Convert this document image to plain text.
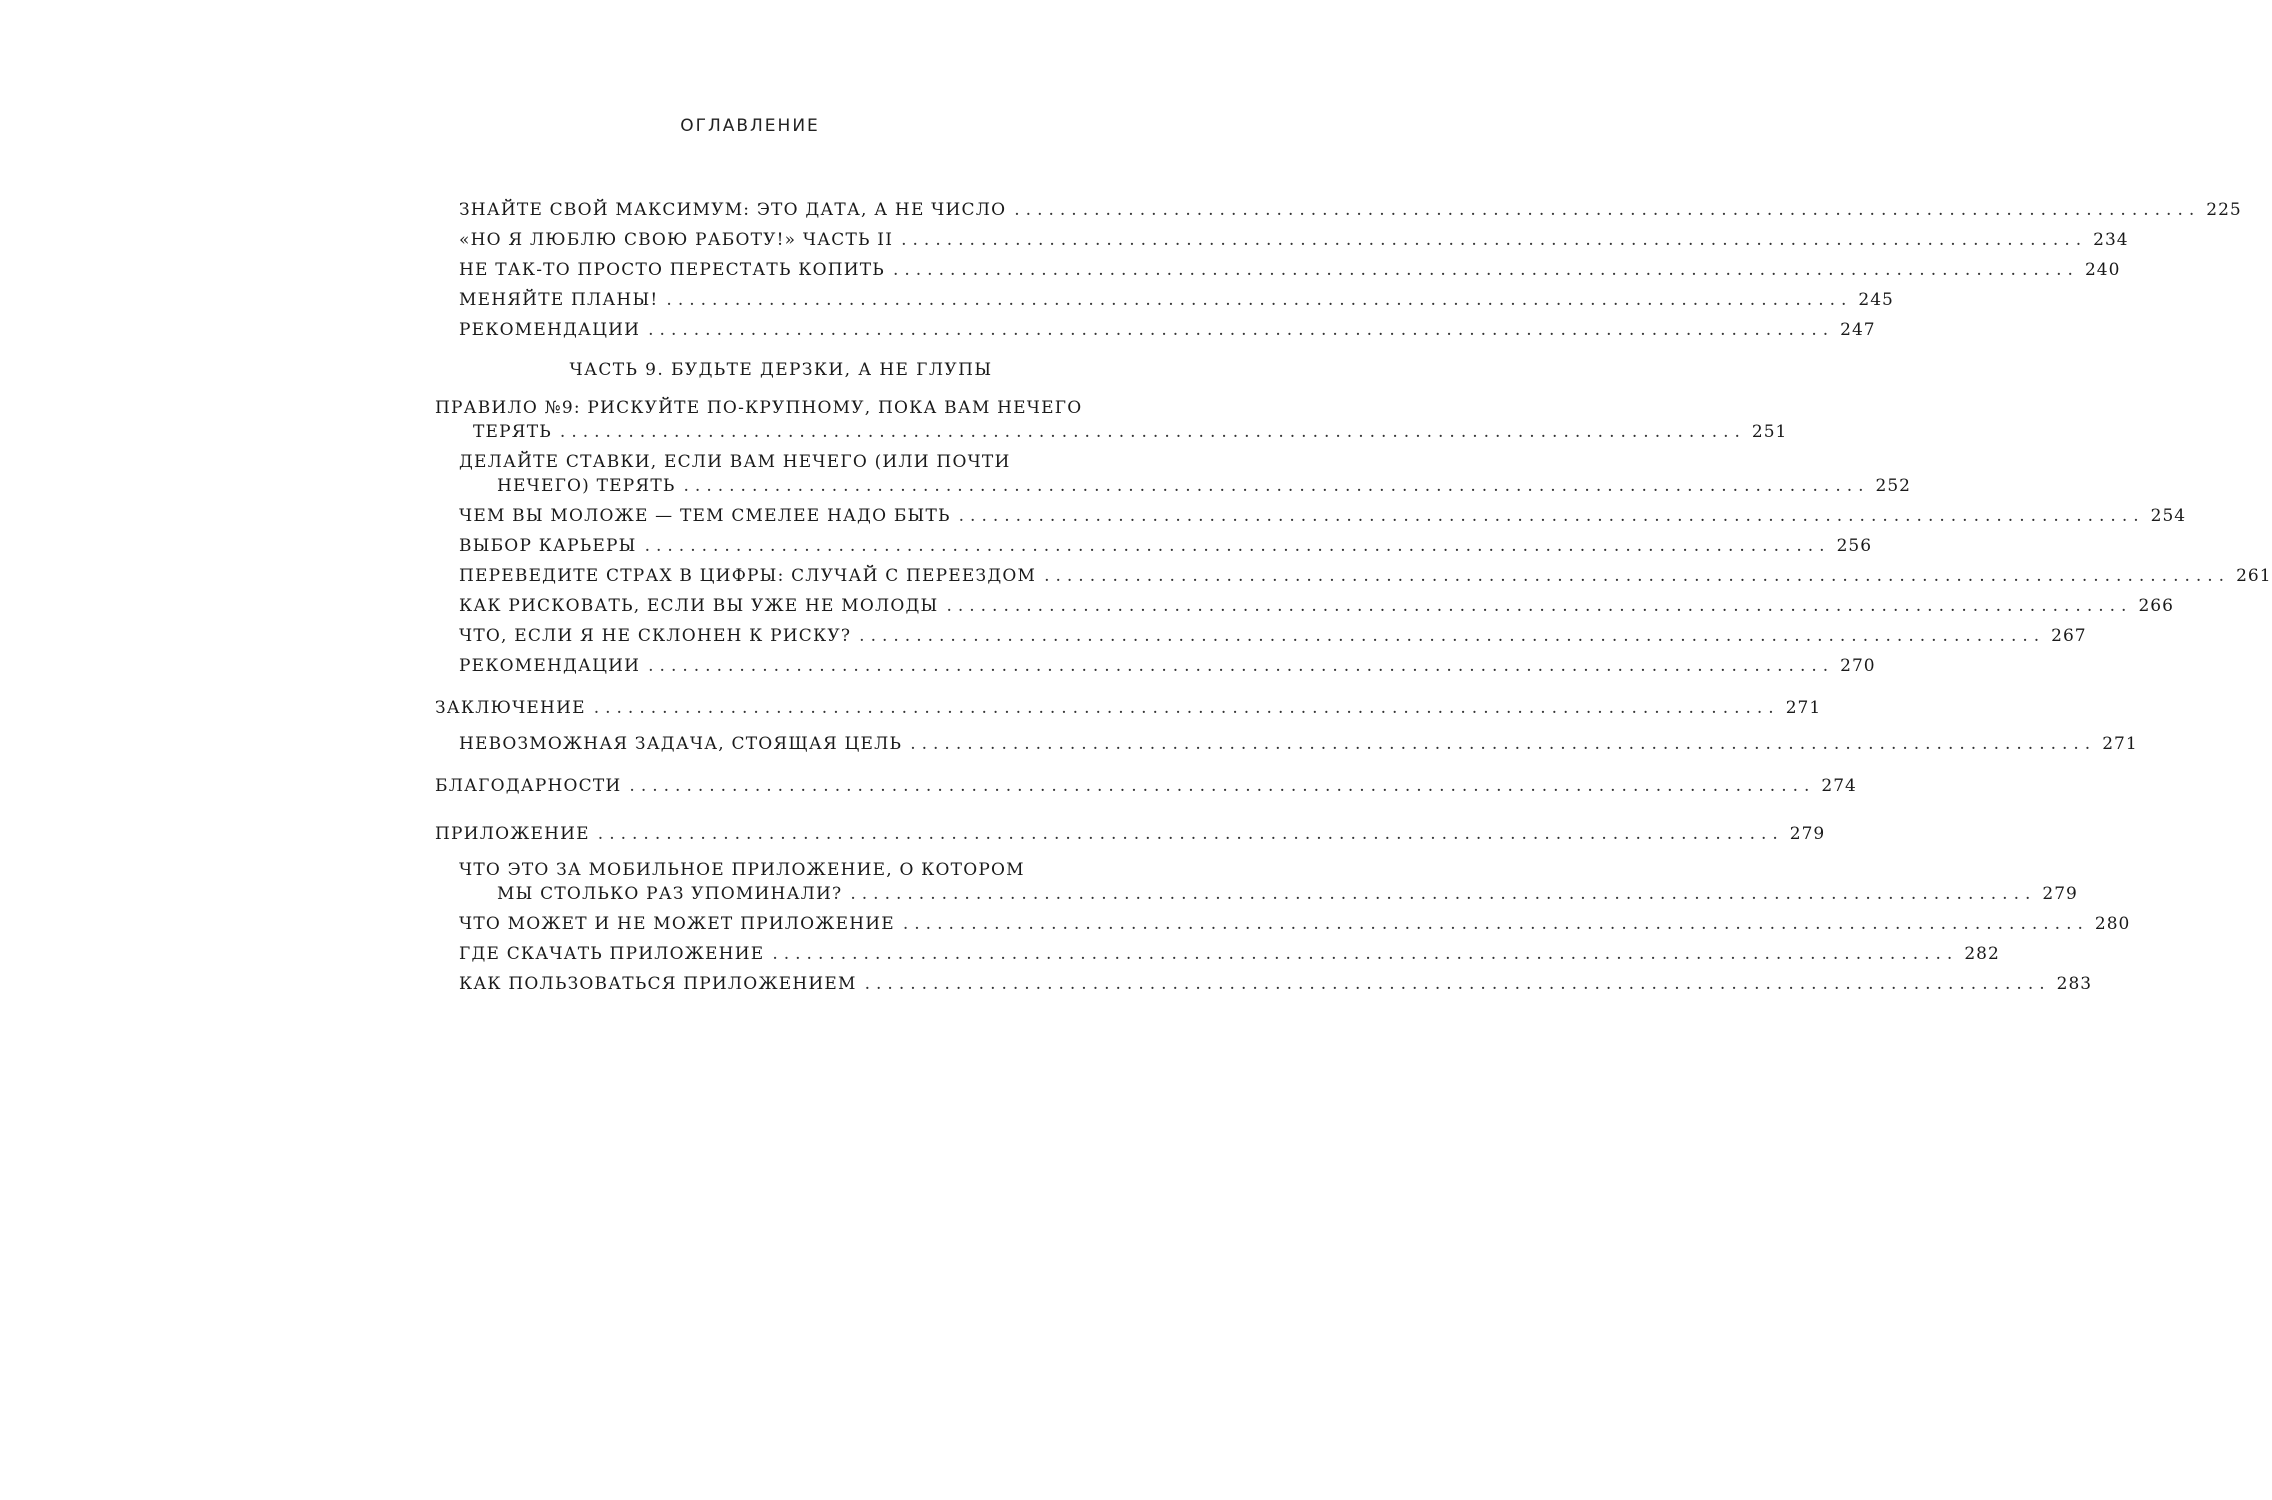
ОГЛАВЛЕНИЕ
ЗНАЙТЕ СВОЙ МАКСИМУМ: ЭТО ДАТА, А НЕ ЧИСЛО ........................................................................................................ 225
«НО Я ЛЮБЛЮ СВОЮ РАБОТУ!» ЧАСТЬ II ........................................................................................................ 234
НЕ ТАК-ТО ПРОСТО ПЕРЕСТАТЬ КОПИТЬ ........................................................................................................ 240
МЕНЯЙТЕ ПЛАНЫ! ........................................................................................................ 245
РЕКОМЕНДАЦИИ ........................................................................................................ 247
ЧАСТЬ 9. БУДЬТЕ ДЕРЗКИ, А НЕ ГЛУПЫ
ПРАВИЛО №9: РИСКУЙТЕ ПО-КРУПНОМУ, ПОКА ВАМ НЕЧЕГО
ТЕРЯТЬ ........................................................................................................ 251
ДЕЛАЙТЕ СТАВКИ, ЕСЛИ ВАМ НЕЧЕГО (ИЛИ ПОЧТИ
НЕЧЕГО) ТЕРЯТЬ ........................................................................................................ 252
ЧЕМ ВЫ МОЛОЖЕ — ТЕМ СМЕЛЕЕ НАДО БЫТЬ ........................................................................................................ 254
ВЫБОР КАРЬЕРЫ ........................................................................................................ 256
ПЕРЕВЕДИТЕ СТРАХ В ЦИФРЫ: СЛУЧАЙ С ПЕРЕЕЗДОМ ........................................................................................................ 261
КАК РИСКОВАТЬ, ЕСЛИ ВЫ УЖЕ НЕ МОЛОДЫ ........................................................................................................ 266
ЧТО, ЕСЛИ Я НЕ СКЛОНЕН К РИСКУ? ........................................................................................................ 267
РЕКОМЕНДАЦИИ ........................................................................................................ 270
ЗАКЛЮЧЕНИЕ ........................................................................................................ 271
НЕВОЗМОЖНАЯ ЗАДАЧА, СТОЯЩАЯ ЦЕЛЬ ........................................................................................................ 271
БЛАГОДАРНОСТИ ........................................................................................................ 274
ПРИЛОЖЕНИЕ ........................................................................................................ 279
ЧТО ЭТО ЗА МОБИЛЬНОЕ ПРИЛОЖЕНИЕ, О КОТОРОМ
МЫ СТОЛЬКО РАЗ УПОМИНАЛИ? ........................................................................................................ 279
ЧТО МОЖЕТ И НЕ МОЖЕТ ПРИЛОЖЕНИЕ ........................................................................................................ 280
ГДЕ СКАЧАТЬ ПРИЛОЖЕНИЕ ........................................................................................................ 282
КАК ПОЛЬЗОВАТЬСЯ ПРИЛОЖЕНИЕМ ........................................................................................................ 283
